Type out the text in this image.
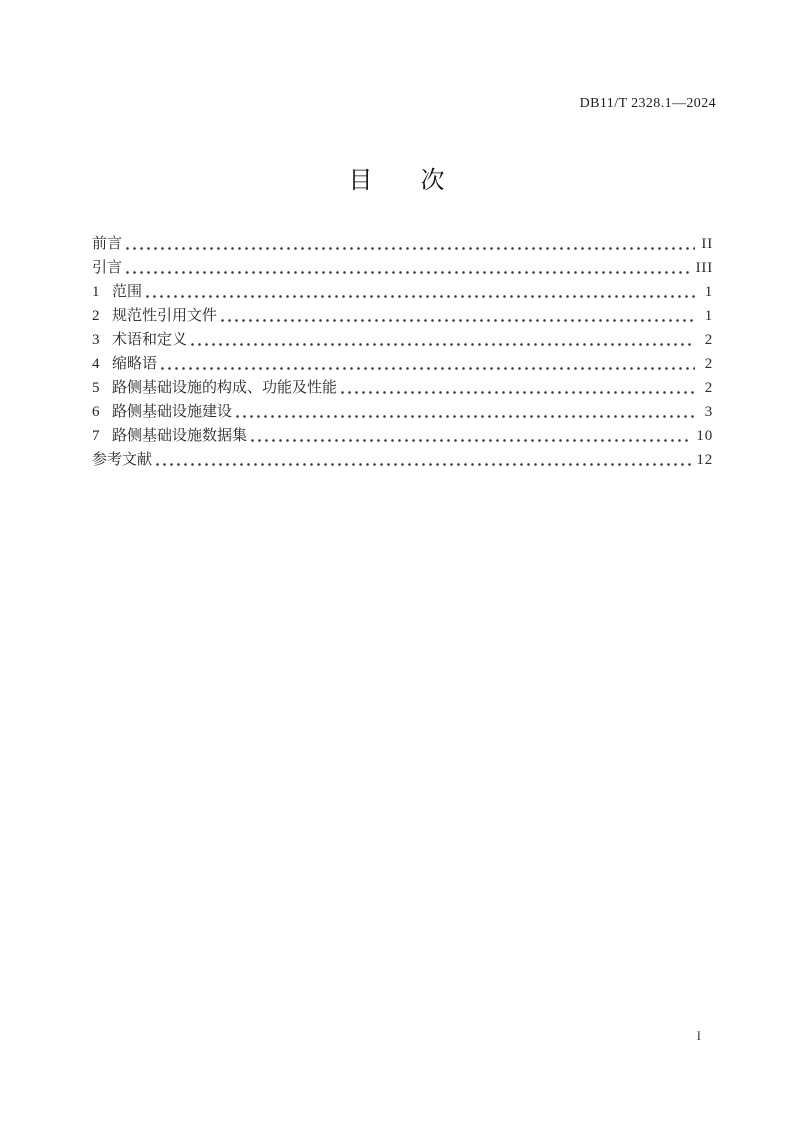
DB11/T 2328.1—2024
目　　次
前言	II
引言	III
1 范围	1
2 规范性引用文件	1
3 术语和定义	2
4 缩略语	2
5 路侧基础设施的构成、功能及性能	2
6 路侧基础设施建设	3
7 路侧基础设施数据集	10
参考文献	12
I
